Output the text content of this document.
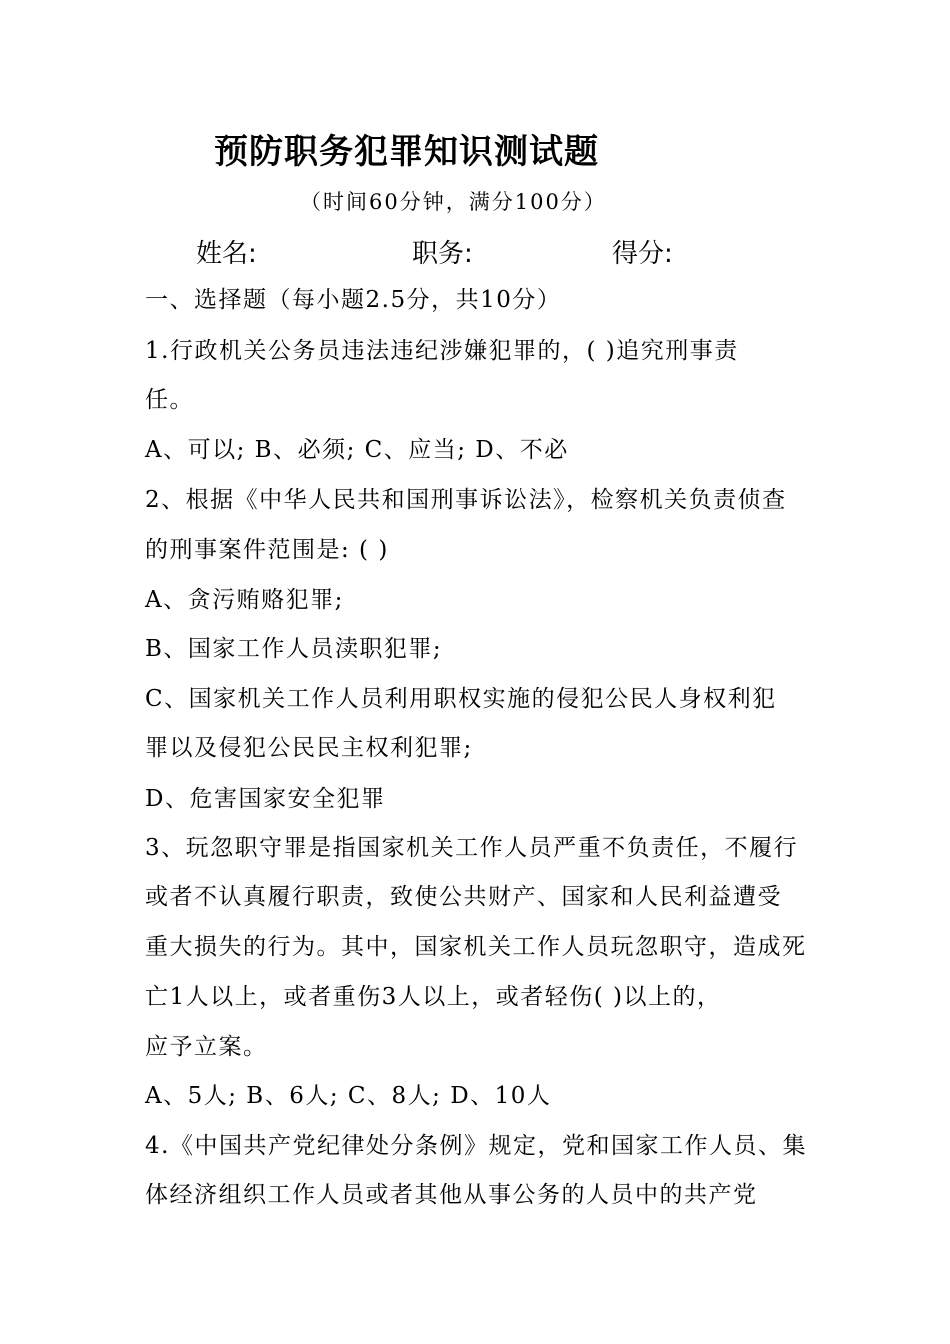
预防职务犯罪知识测试题
（时间60分钟，满分100分）
姓名:	职务:	得分:
一、选择题（每小题2.5分，共10分）
1.行政机关公务员违法违纪涉嫌犯罪的，( )追究刑事责
任。
A、可以; B、必须; C、应当; D、不必
2、根据《中华人民共和国刑事诉讼法》，检察机关负责侦查
的刑事案件范围是: ( )
A、贪污贿赂犯罪;
B、国家工作人员渎职犯罪;
C、国家机关工作人员利用职权实施的侵犯公民人身权利犯
罪以及侵犯公民民主权利犯罪;
D、危害国家安全犯罪
3、玩忽职守罪是指国家机关工作人员严重不负责任，不履行
或者不认真履行职责，致使公共财产、国家和人民利益遭受
重大损失的行为。其中，国家机关工作人员玩忽职守，造成死
亡1人以上，或者重伤3人以上，或者轻伤( )以上的，
应予立案。
A、5人; B、6人; C、8人; D、10人
4.《中国共产党纪律处分条例》规定，党和国家工作人员、集
体经济组织工作人员或者其他从事公务的人员中的共产党
